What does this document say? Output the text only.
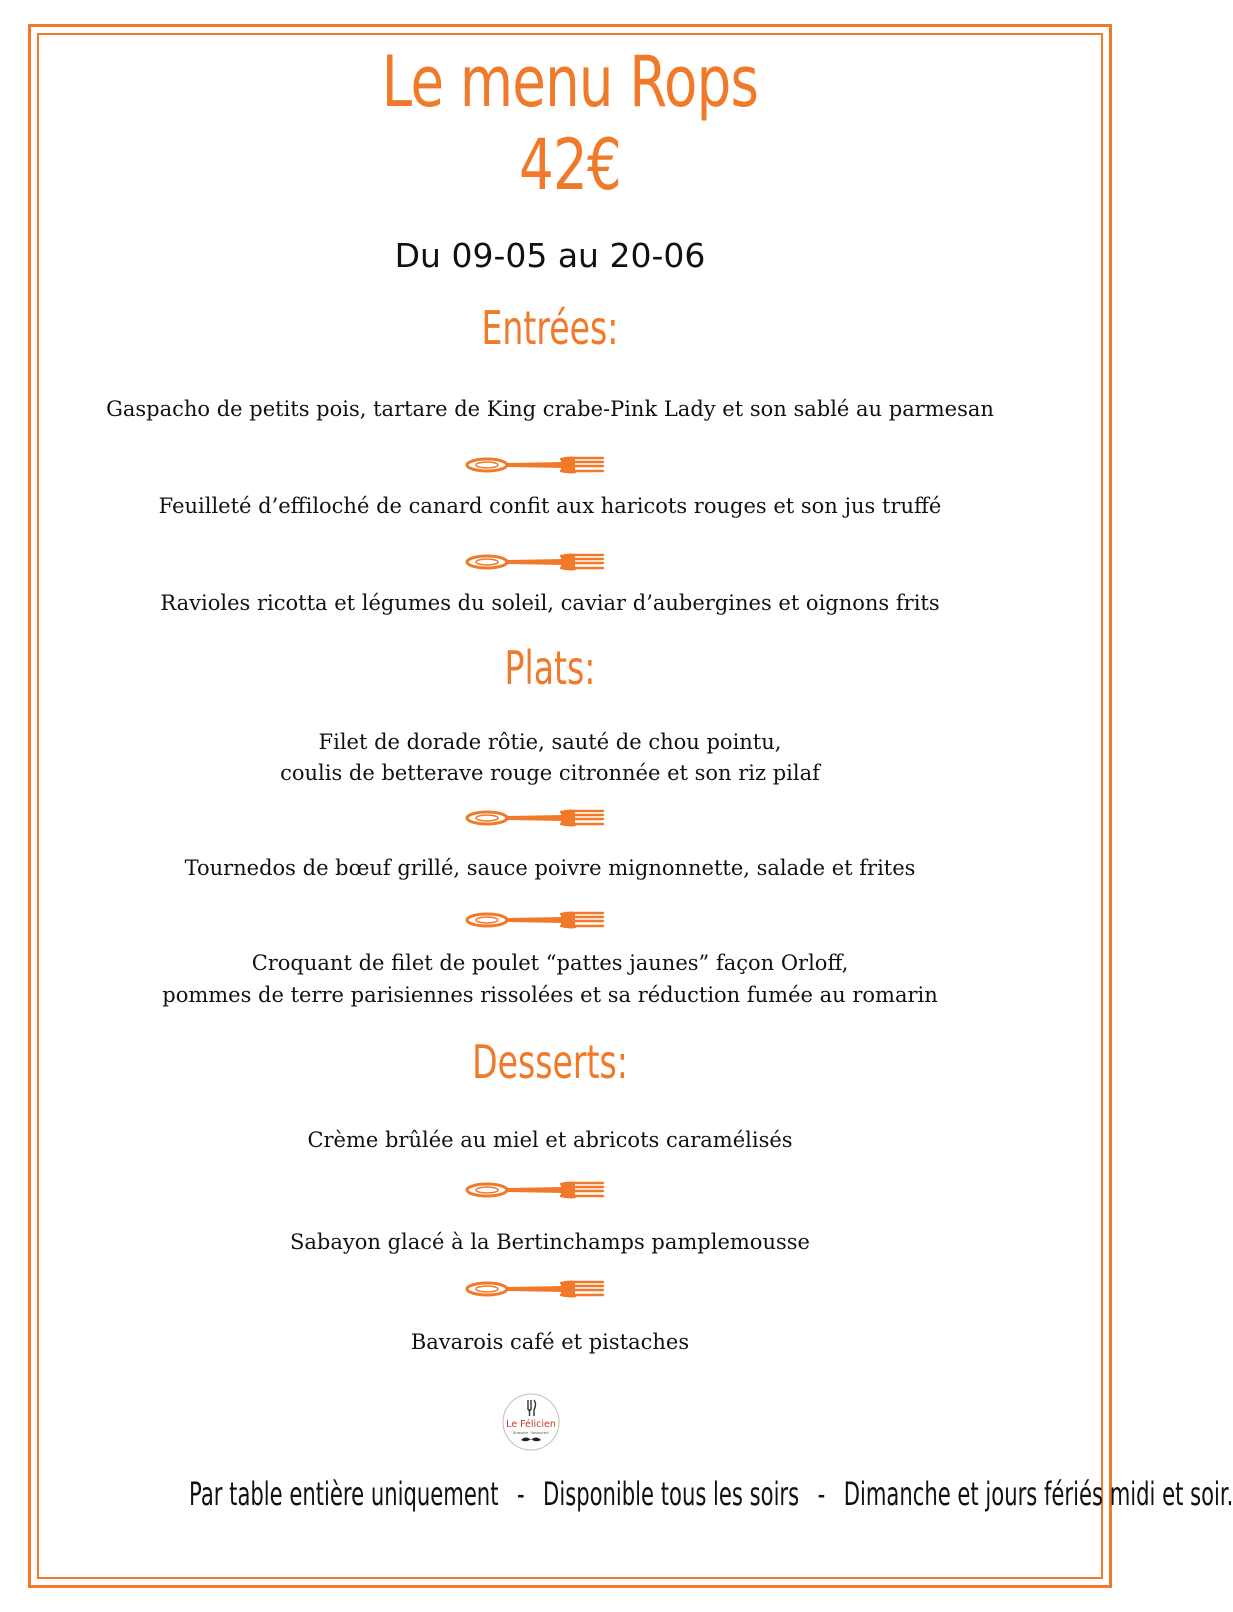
Le menu Rops
42€
Du 09-05 au 20-06
Entrées:
Gaspacho de petits pois, tartare de King crabe-Pink Lady et son sablé au parmesan
Feuilleté d’effiloché de canard confit aux haricots rouges et son jus truffé
Ravioles ricotta et légumes du soleil, caviar d’aubergines et oignons frits
Plats:
Filet de dorade rôtie, sauté de chou pointu,
coulis de betterave rouge citronnée et son riz pilaf
Tournedos de bœuf grillé, sauce poivre mignonnette, salade et frites
Croquant de filet de poulet “pattes jaunes” façon Orloff,
pommes de terre parisiennes rissolées et sa réduction fumée au romarin
Desserts:
Crème brûlée au miel et abricots caramélisés
Sabayon glacé à la Bertinchamps pamplemousse
Bavarois café et pistaches
Le Félicien
Brasserie · Restaurant
Par table entière uniquement - Disponible tous les soirs - Dimanche et jours fériés midi et soir.
